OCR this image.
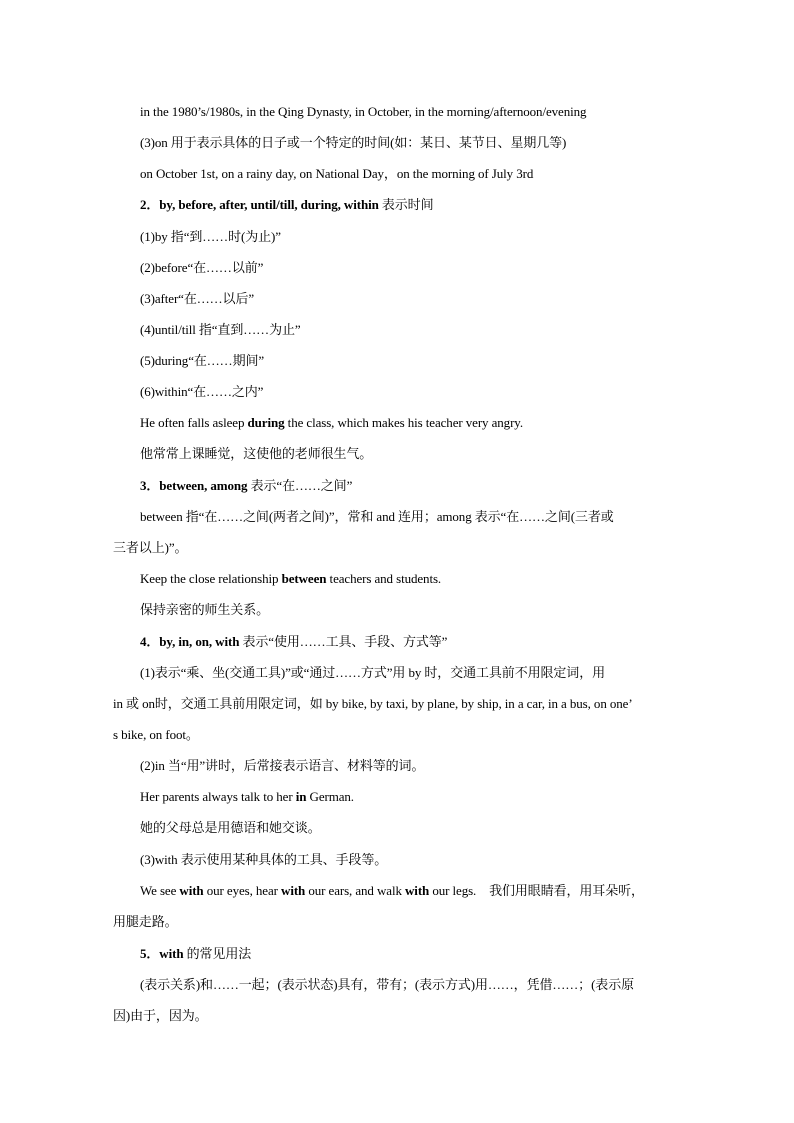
in the 1980’s/1980s, in the Qing Dynasty, in October, in the morning/afternoon/evening
(3)on 用于表示具体的日子或一个特定的时间(如：某日、某节日、星期几等)
on October 1st, on a rainy day, on National Day，on the morning of July 3rd
2．by, before, after, until/till, during, within 表示时间
(1)by 指“到……时(为止)”
(2)before“在……以前”
(3)after“在……以后”
(4)until/till 指“直到……为止”
(5)during“在……期间”
(6)within“在……之内”
He often falls asleep during the class, which makes his teacher very angry.
他常常上课睡觉，这使他的老师很生气。
3．between, among 表示“在……之间”
between 指“在……之间(两者之间)”，常和 and 连用；among 表示“在……之间(三者或
三者以上)”。
Keep the close relationship between teachers and students.
保持亲密的师生关系。
4．by, in, on, with 表示“使用……工具、手段、方式等”
(1)表示“乘、坐(交通工具)”或“通过……方式”用 by 时，交通工具前不用限定词，用
in 或 on时，交通工具前用限定词，如 by bike, by taxi, by plane, by ship, in a car, in a bus, on one’
s bike, on foot。
(2)in 当“用”讲时，后常接表示语言、材料等的词。
Her parents always talk to her in German.
她的父母总是用德语和她交谈。
(3)with 表示使用某种具体的工具、手段等。
We see with our eyes, hear with our ears, and walk with our legs.　我们用眼睛看，用耳朵听，
用腿走路。
5．with 的常见用法
(表示关系)和……一起；(表示状态)具有，带有；(表示方式)用……，凭借……；(表示原
因)由于，因为。
